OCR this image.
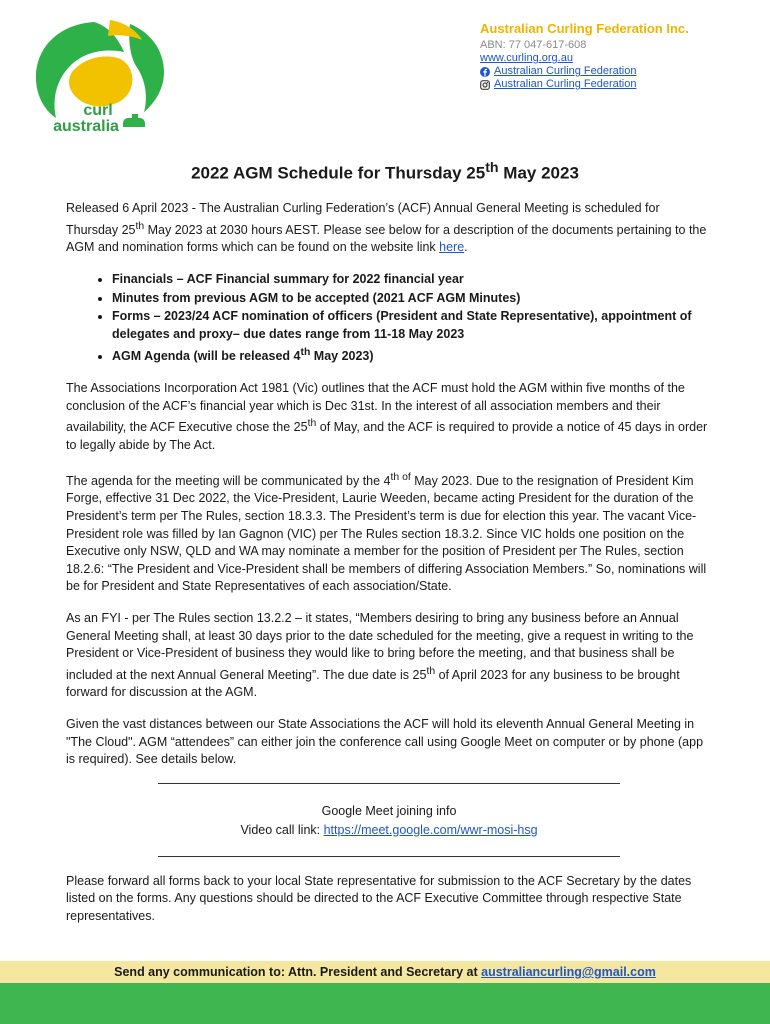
curl
australia
Australian Curling Federation Inc.
ABN: 77 047-617-608
www.curling.org.au
Australian Curling Federation
Australian Curling Federation
2022 AGM Schedule for Thursday 25th May 2023

Released 6 April 2023 - The Australian Curling Federation’s (ACF) Annual General Meeting is scheduled for Thursday 25th May 2023 at 2030 hours AEST. Please see below for a description of the documents pertaining to the AGM and nomination forms which can be found on the website link here.

• Financials – ACF Financial summary for 2022 financial year
• Minutes from previous AGM to be accepted (2021 ACF AGM Minutes)
• Forms – 2023/24 ACF nomination of officers (President and State Representative), appointment of delegates and proxy– due dates range from 11-18 May 2023
• AGM Agenda (will be released 4th May 2023)

The Associations Incorporation Act 1981 (Vic) outlines that the ACF must hold the AGM within five months of the conclusion of the ACF’s financial year which is Dec 31st. In the interest of all association members and their availability, the ACF Executive chose the 25th of May, and the ACF is required to provide a notice of 45 days in order to legally abide by The Act.

The agenda for the meeting will be communicated by the $4^{th of}$ May 2023. Due to the resignation of President Kim Forge, effective 31 Dec 2022, the Vice-President, Laurie Weeden, became acting President for the duration of the President’s term per The Rules, section 18.3.3. The President’s term is due for election this year. The vacant Vice-President role was filled by Ian Gagnon (VIC) per The Rules section 18.3.2. Since VIC holds one position on the Executive only NSW, QLD and WA may nominate a member for the position of President per The Rules, section 18.2.6: “The President and Vice-President shall be members of differing Association Members.” So, nominations will be for President and State Representatives of each association/State.

As an FYI - per The Rules section 13.2.2 – it states, “Members desiring to bring any business before an Annual General Meeting shall, at least 30 days prior to the date scheduled for the meeting, give a request in writing to the President or Vice-President of business they would like to bring before the meeting, and that business shall be included at the next Annual General Meeting”. The due date is 25th of April 2023 for any business to be brought forward for discussion at the AGM.

Given the vast distances between our State Associations the ACF will hold its eleventh Annual General Meeting in "The Cloud". AGM “attendees” can either join the conference call using Google Meet on computer or by phone (app is required). See details below.

Google Meet joining info
Video call link: https://meet.google.com/wwr-mosi-hsg

Please forward all forms back to your local State representative for submission to the ACF Secretary by the dates listed on the forms. Any questions should be directed to the ACF Executive Committee through respective State representatives.

Send any communication to: Attn. President and Secretary at australiancurling@gmail.com
